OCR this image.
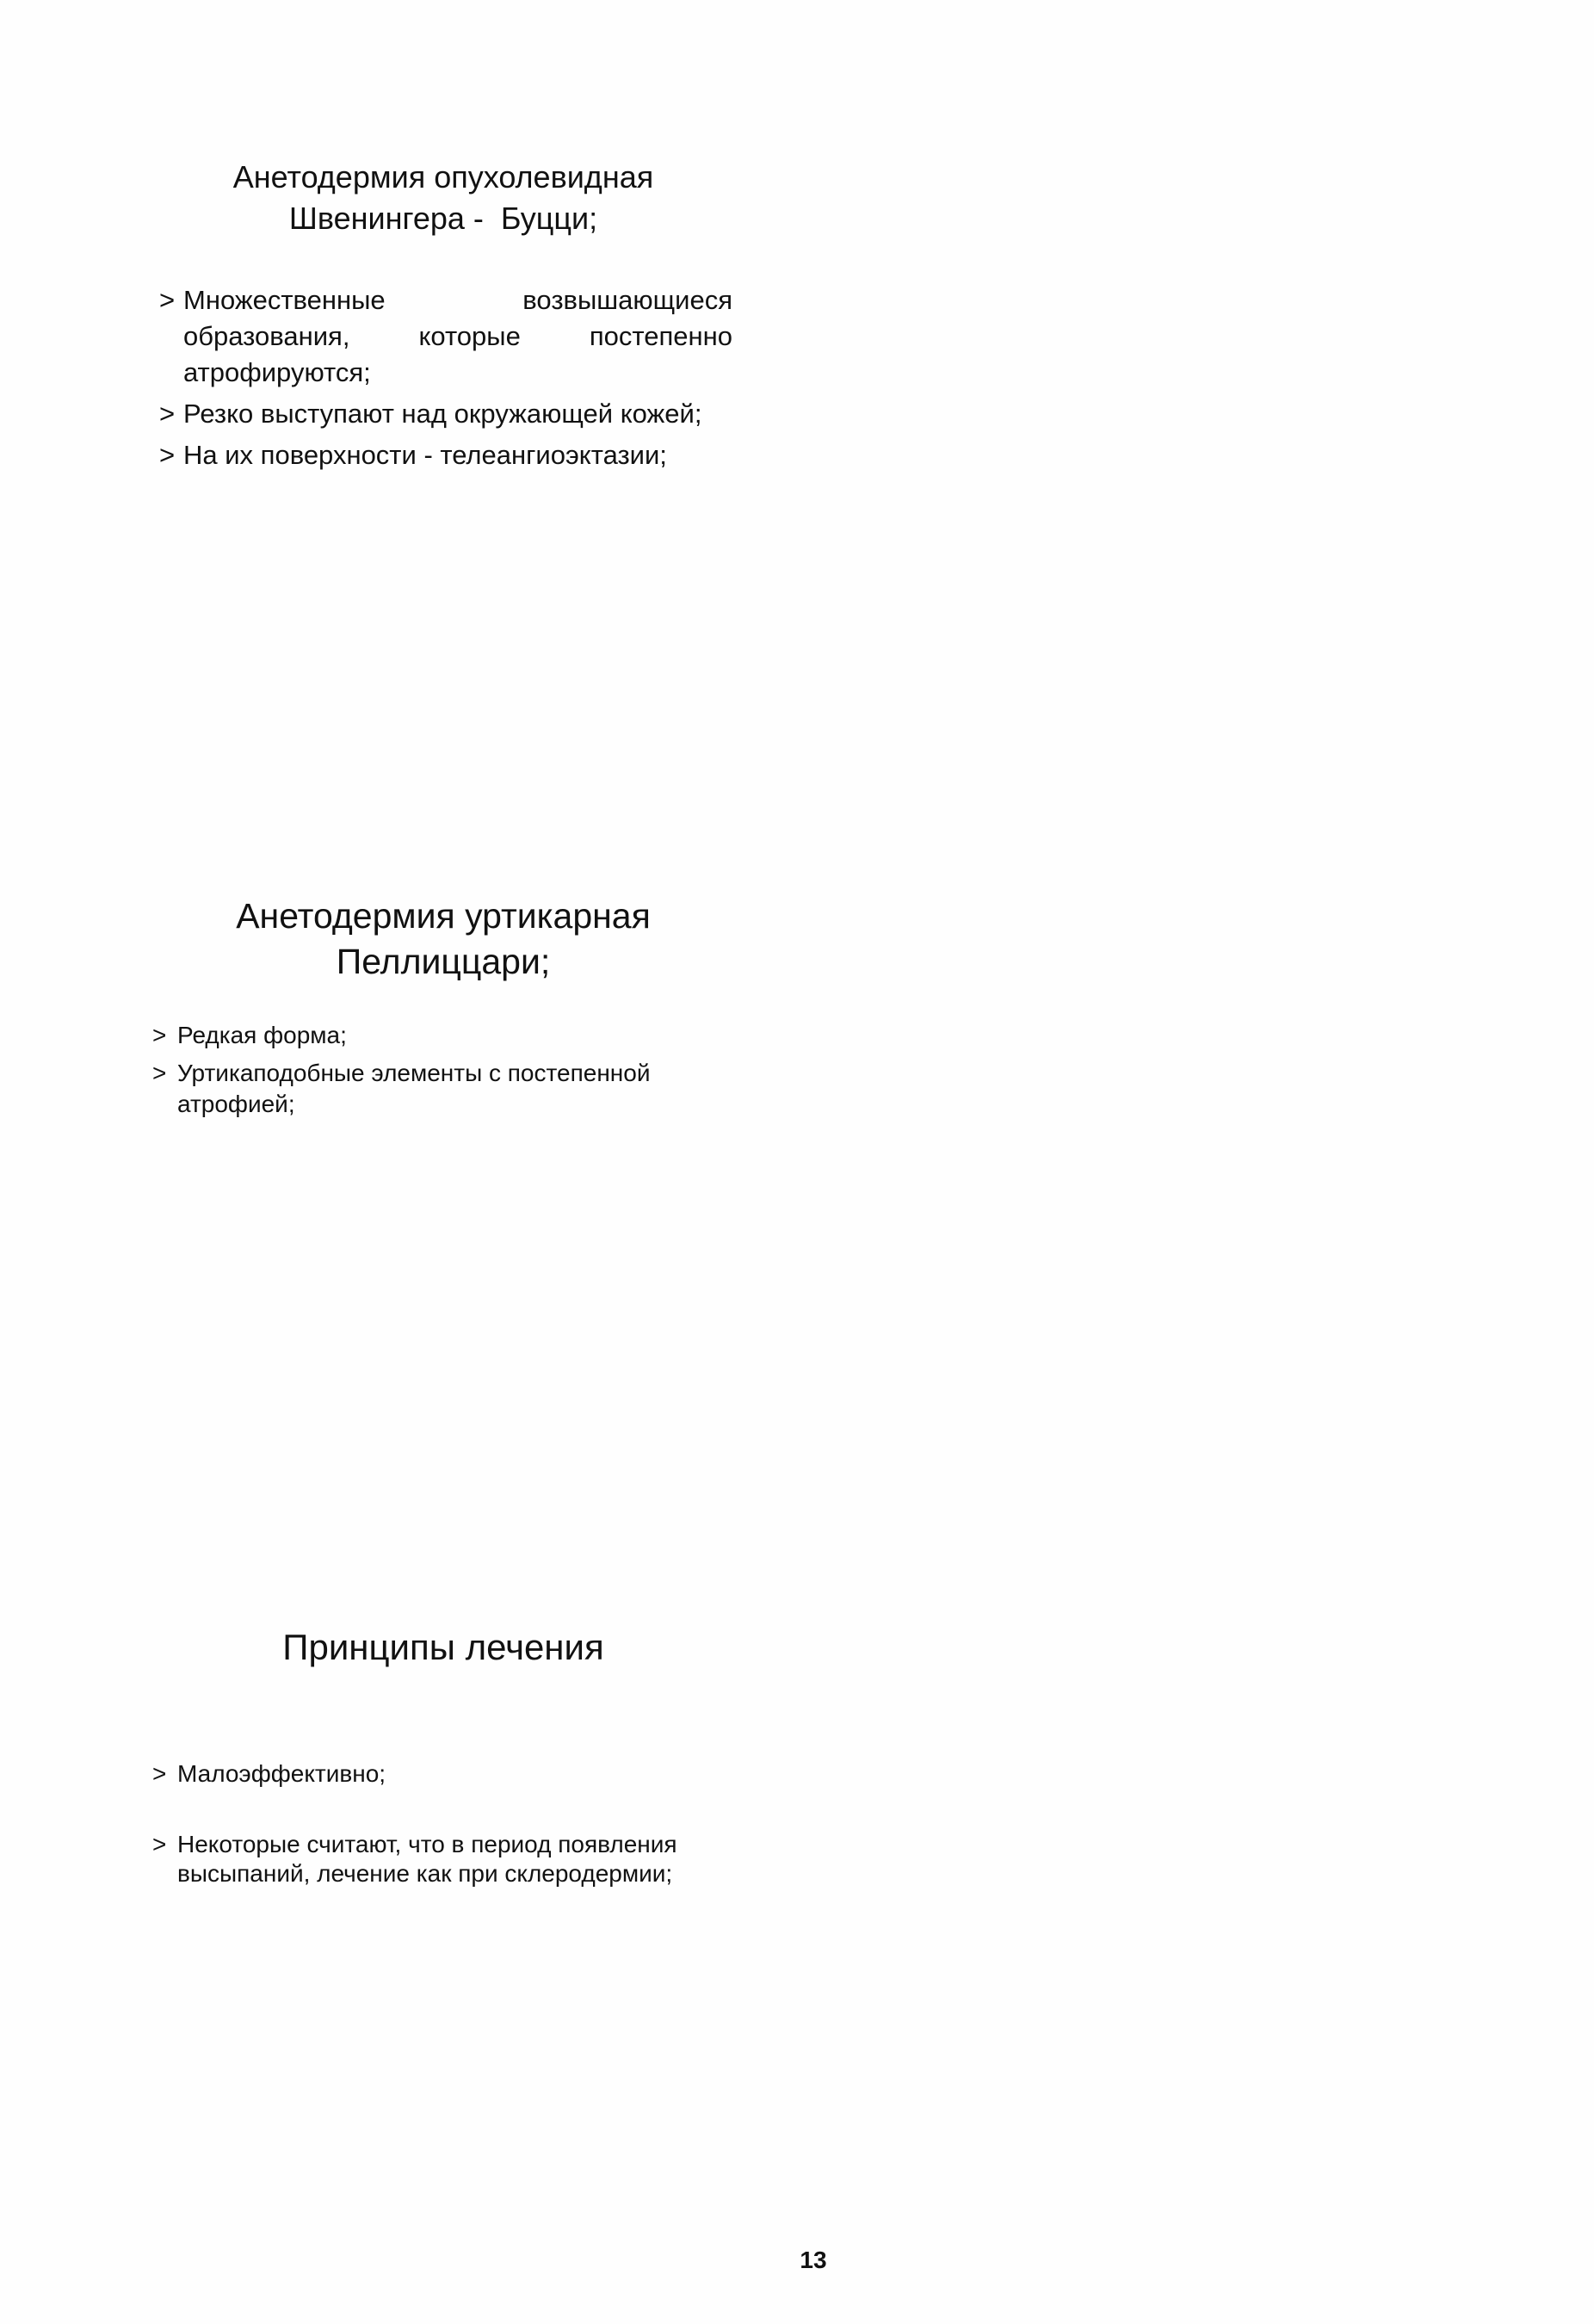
Анетодермия опухолевидная
Швенингера -  Буцци;
> Множественные возвышающиеся образования, которые постепенно атрофируются;
> Резко выступают над окружающей кожей;
> На их поверхности - телеангиоэктазии;
Анетодермия уртикарная
Пеллиццари;
> Редкая форма;
> Уртикаподобные элементы с постепенной атрофией;
Принципы лечения
> Малоэффективно;
> Некоторые считают, что в период появления высыпаний, лечение как при склеродермии;
13
